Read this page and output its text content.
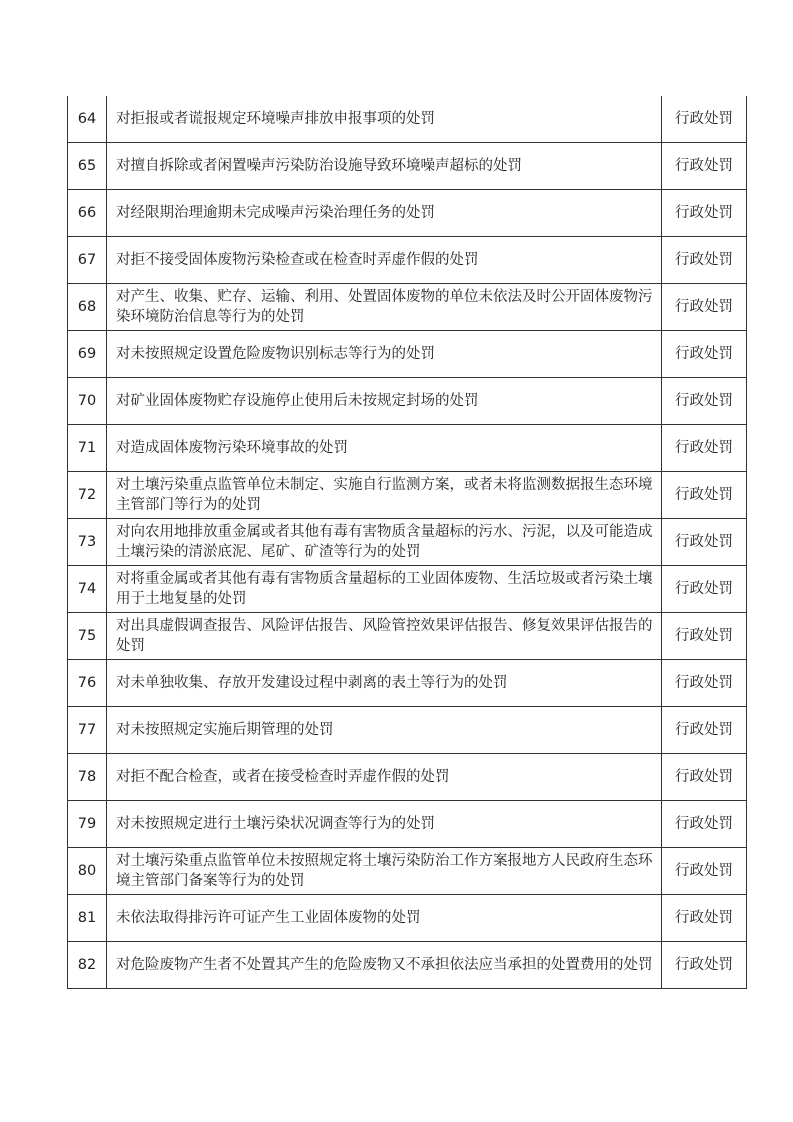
64	对拒报或者谎报规定环境噪声排放申报事项的处罚	行政处罚
65	对擅自拆除或者闲置噪声污染防治设施导致环境噪声超标的处罚	行政处罚
66	对经限期治理逾期未完成噪声污染治理任务的处罚	行政处罚
67	对拒不接受固体废物污染检查或在检查时弄虚作假的处罚	行政处罚
68	对产生、收集、贮存、运输、利用、处置固体废物的单位未依法及时公开固体废物污染环境防治信息等行为的处罚	行政处罚
69	对未按照规定设置危险废物识别标志等行为的处罚	行政处罚
70	对矿业固体废物贮存设施停止使用后未按规定封场的处罚	行政处罚
71	对造成固体废物污染环境事故的处罚	行政处罚
72	对土壤污染重点监管单位未制定、实施自行监测方案，或者未将监测数据报生态环境主管部门等行为的处罚	行政处罚
73	对向农用地排放重金属或者其他有毒有害物质含量超标的污水、污泥，以及可能造成土壤污染的清淤底泥、尾矿、矿渣等行为的处罚	行政处罚
74	对将重金属或者其他有毒有害物质含量超标的工业固体废物、生活垃圾或者污染土壤用于土地复垦的处罚	行政处罚
75	对出具虚假调查报告、风险评估报告、风险管控效果评估报告、修复效果评估报告的处罚	行政处罚
76	对未单独收集、存放开发建设过程中剥离的表土等行为的处罚	行政处罚
77	对未按照规定实施后期管理的处罚	行政处罚
78	对拒不配合检查，或者在接受检查时弄虚作假的处罚	行政处罚
79	对未按照规定进行土壤污染状况调查等行为的处罚	行政处罚
80	对土壤污染重点监管单位未按照规定将土壤污染防治工作方案报地方人民政府生态环境主管部门备案等行为的处罚	行政处罚
81	未依法取得排污许可证产生工业固体废物的处罚	行政处罚
82	对危险废物产生者不处置其产生的危险废物又不承担依法应当承担的处置费用的处罚	行政处罚
